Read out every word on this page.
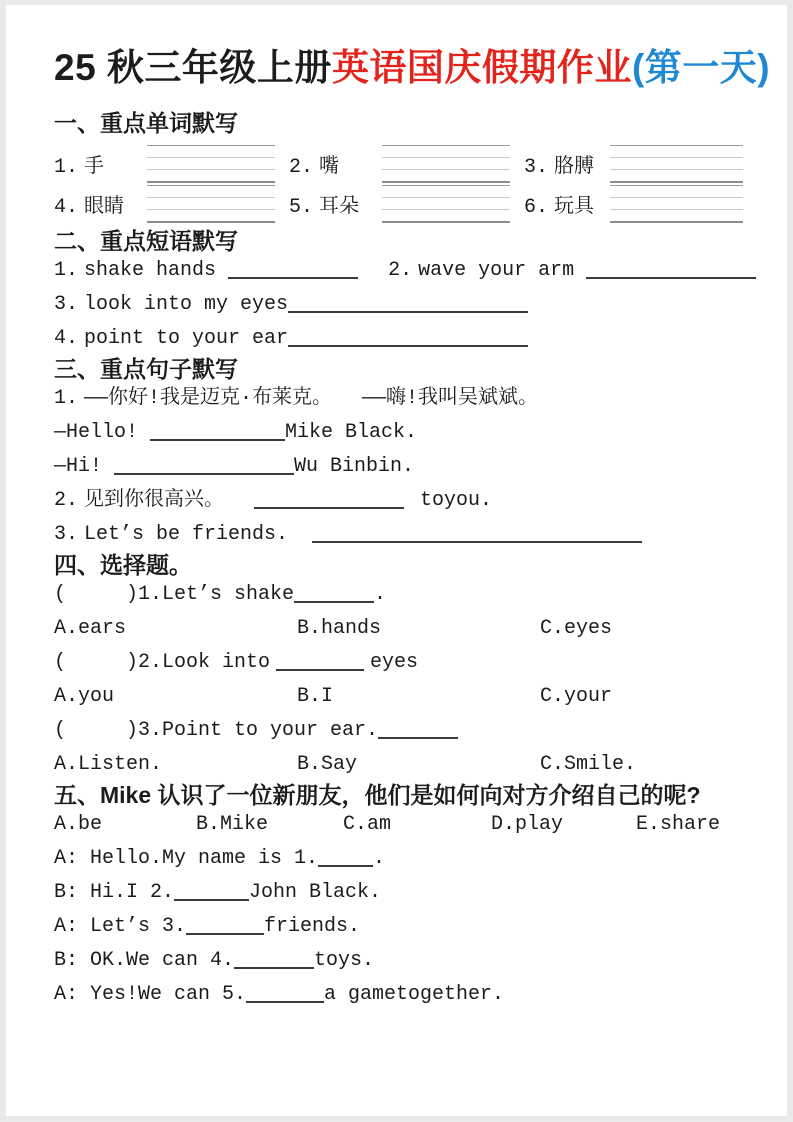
25 秋三年级上册英语国庆假期作业(第一天)
一、重点单词默写
1. 手	2. 嘴	3. 胳膊
4. 眼睛	5. 耳朵	6. 玩具
二、重点短语默写
1. shake hands	2. wave your arm
3. look into my eyes
4. point to your ear
三、重点句子默写
1. ——你好!我是迈克·布莱克。　　——嗨!我叫吴斌斌。
—Hello!	Mike Black.
—Hi!	Wu Binbin.
2. 见到你很高兴。	toyou.
3. Let’s be friends.
四、选择题。
(     )1.Let’s shake	.
A.ears	B.hands	C.eyes
(     )2.Look into	eyes
A.you	B.I	C.your
(     )3.Point to your ear.
A.Listen.	B.Say	C.Smile.
五、Mike 认识了一位新朋友，他们是如何向对方介绍自己的呢?
A.be	B.Mike	C.am	D.play	E.share
A: Hello.My name is 1.	.
B: Hi.I 2.	John Black.
A: Let’s 3.	friends.
B: OK.We can 4.	toys.
A: Yes!We can 5.	a gametogether.
